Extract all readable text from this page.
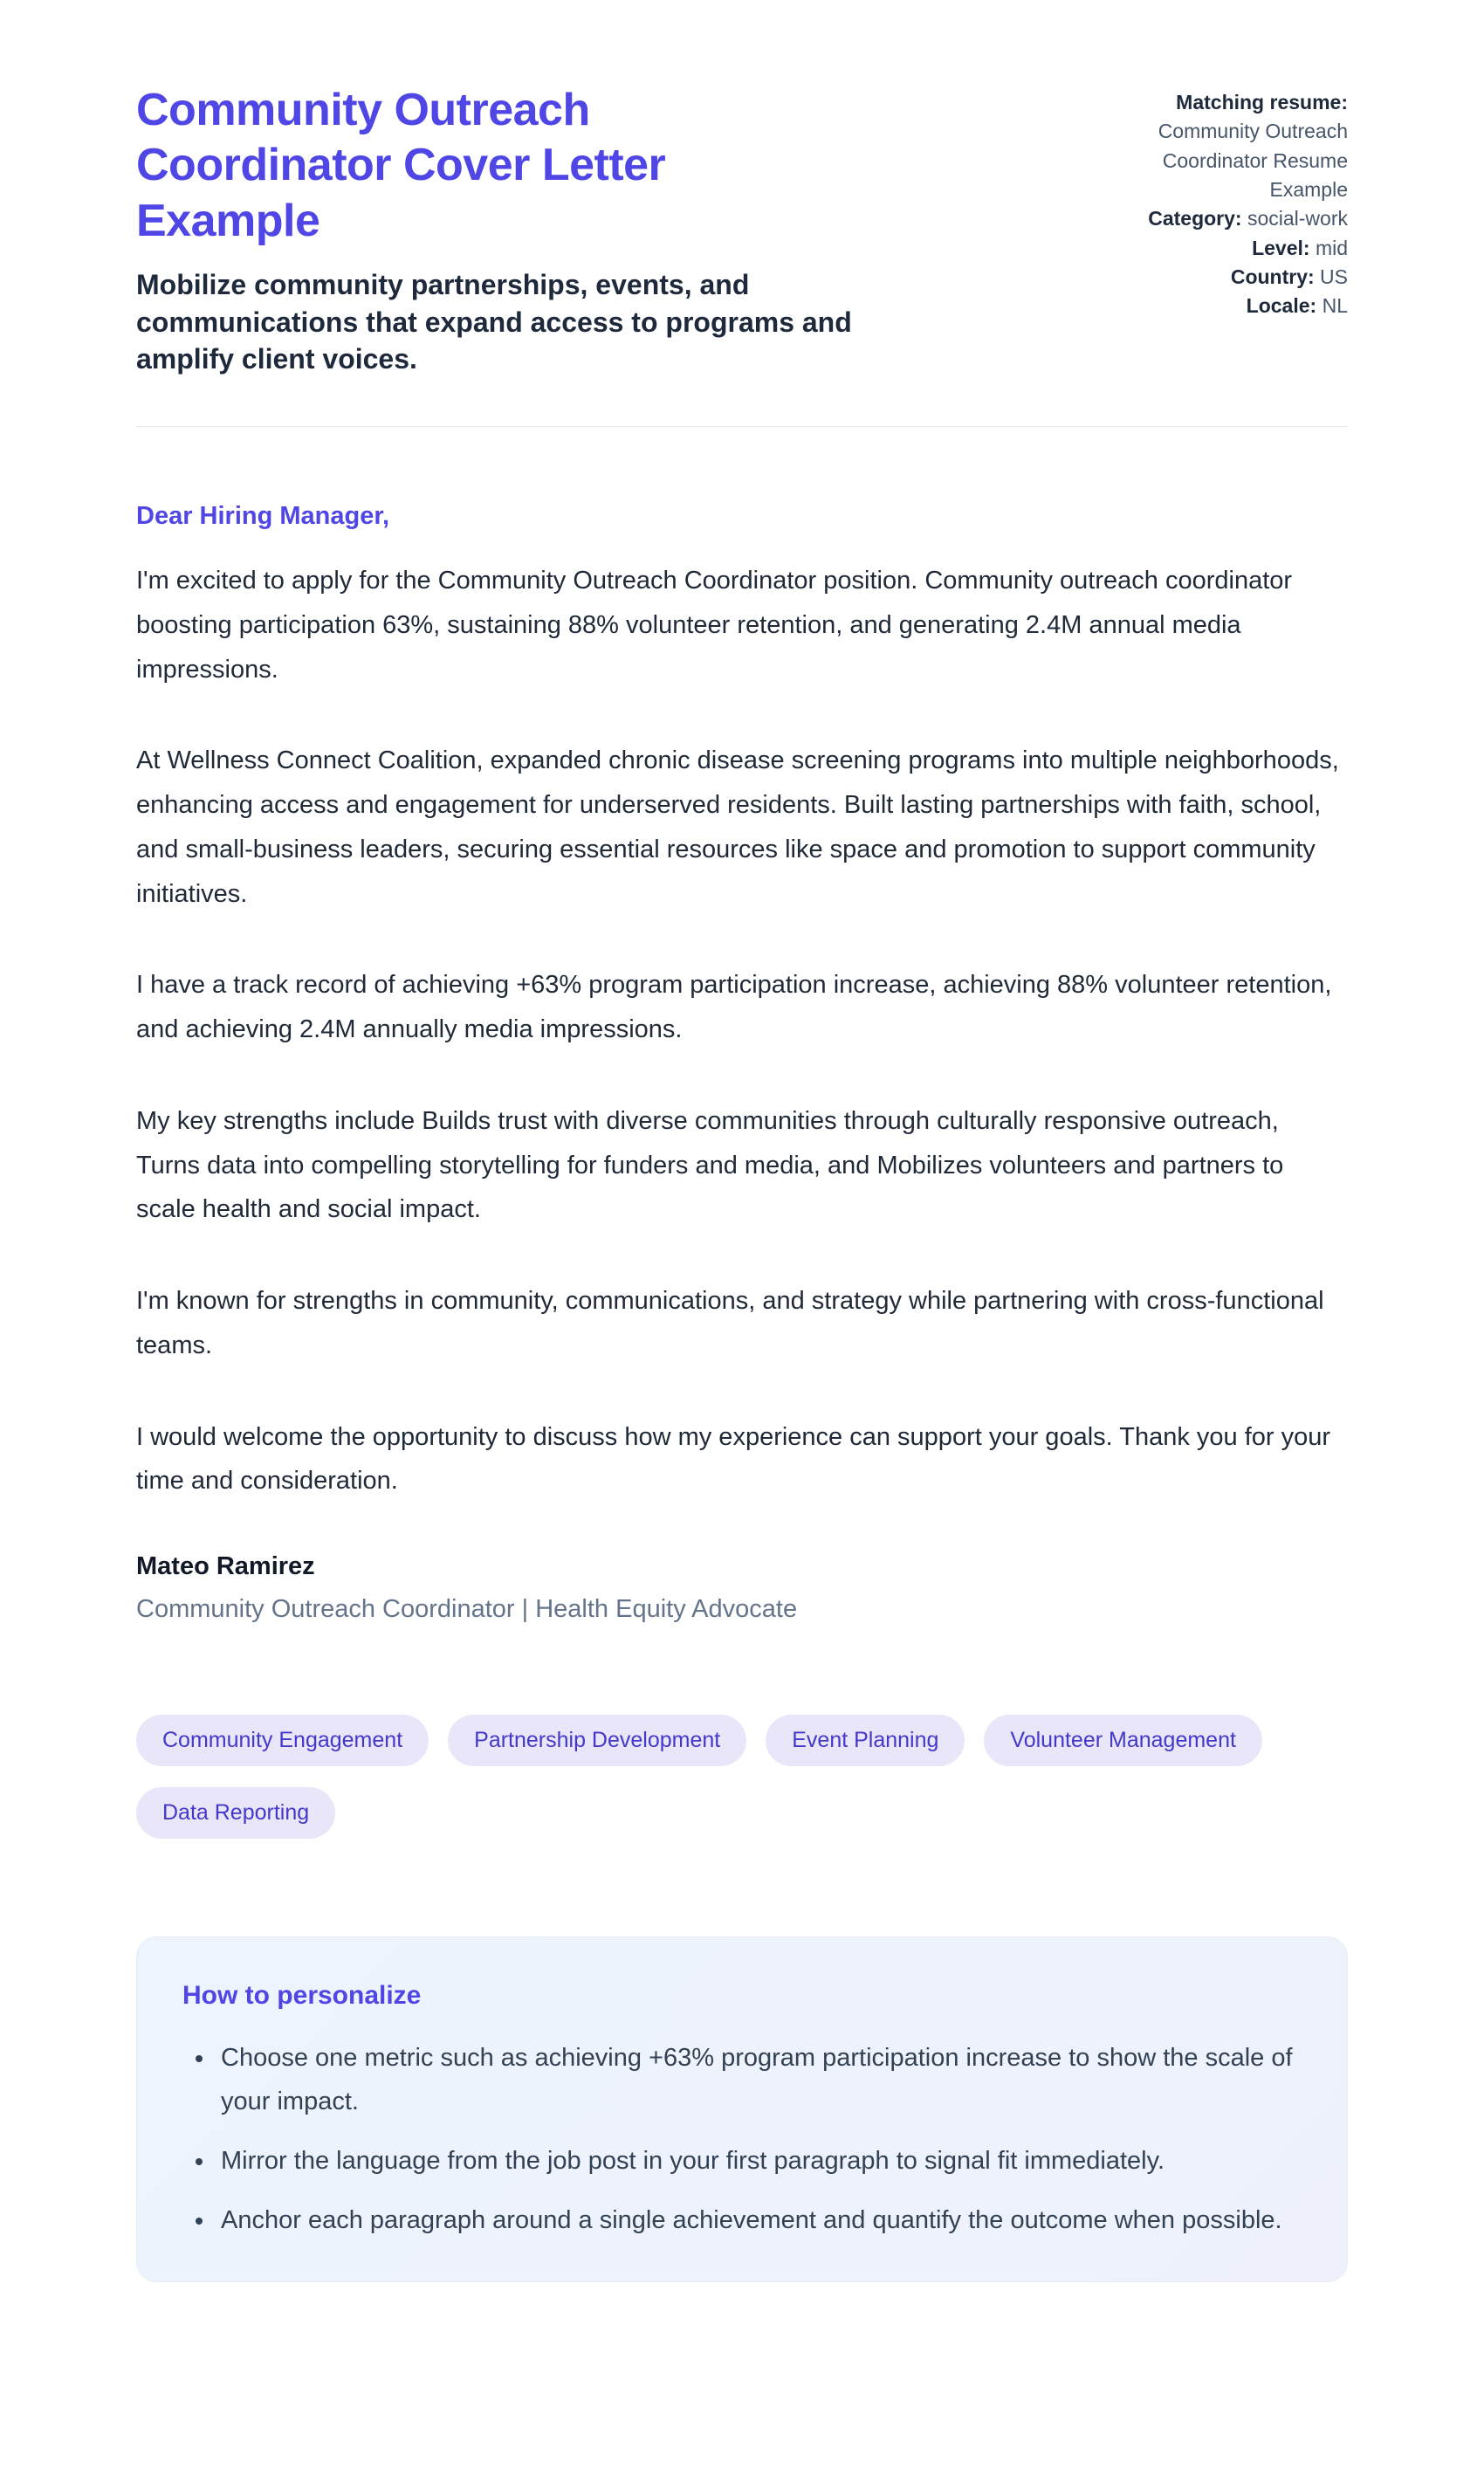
Community Outreach Coordinator Cover Letter Example
Mobilize community partnerships, events, and communications that expand access to programs and amplify client voices.
Matching resume: Community Outreach Coordinator Resume Example
Category: social-work
Level: mid
Country: US
Locale: NL
Dear Hiring Manager,

I'm excited to apply for the Community Outreach Coordinator position. Community outreach coordinator boosting participation 63%, sustaining 88% volunteer retention, and generating 2.4M annual media impressions.

At Wellness Connect Coalition, expanded chronic disease screening programs into multiple neighborhoods, enhancing access and engagement for underserved residents. Built lasting partnerships with faith, school, and small-business leaders, securing essential resources like space and promotion to support community initiatives.

I have a track record of achieving +63% program participation increase, achieving 88% volunteer retention, and achieving 2.4M annually media impressions.

My key strengths include Builds trust with diverse communities through culturally responsive outreach, Turns data into compelling storytelling for funders and media, and Mobilizes volunteers and partners to scale health and social impact.

I'm known for strengths in community, communications, and strategy while partnering with cross-functional teams.

I would welcome the opportunity to discuss how my experience can support your goals. Thank you for your time and consideration.

Mateo Ramirez
Community Outreach Coordinator | Health Equity Advocate
Community Engagement	Partnership Development	Event Planning	Volunteer Management
Data Reporting
How to personalize
• Choose one metric such as achieving +63% program participation increase to show the scale of your impact.
• Mirror the language from the job post in your first paragraph to signal fit immediately.
• Anchor each paragraph around a single achievement and quantify the outcome when possible.
